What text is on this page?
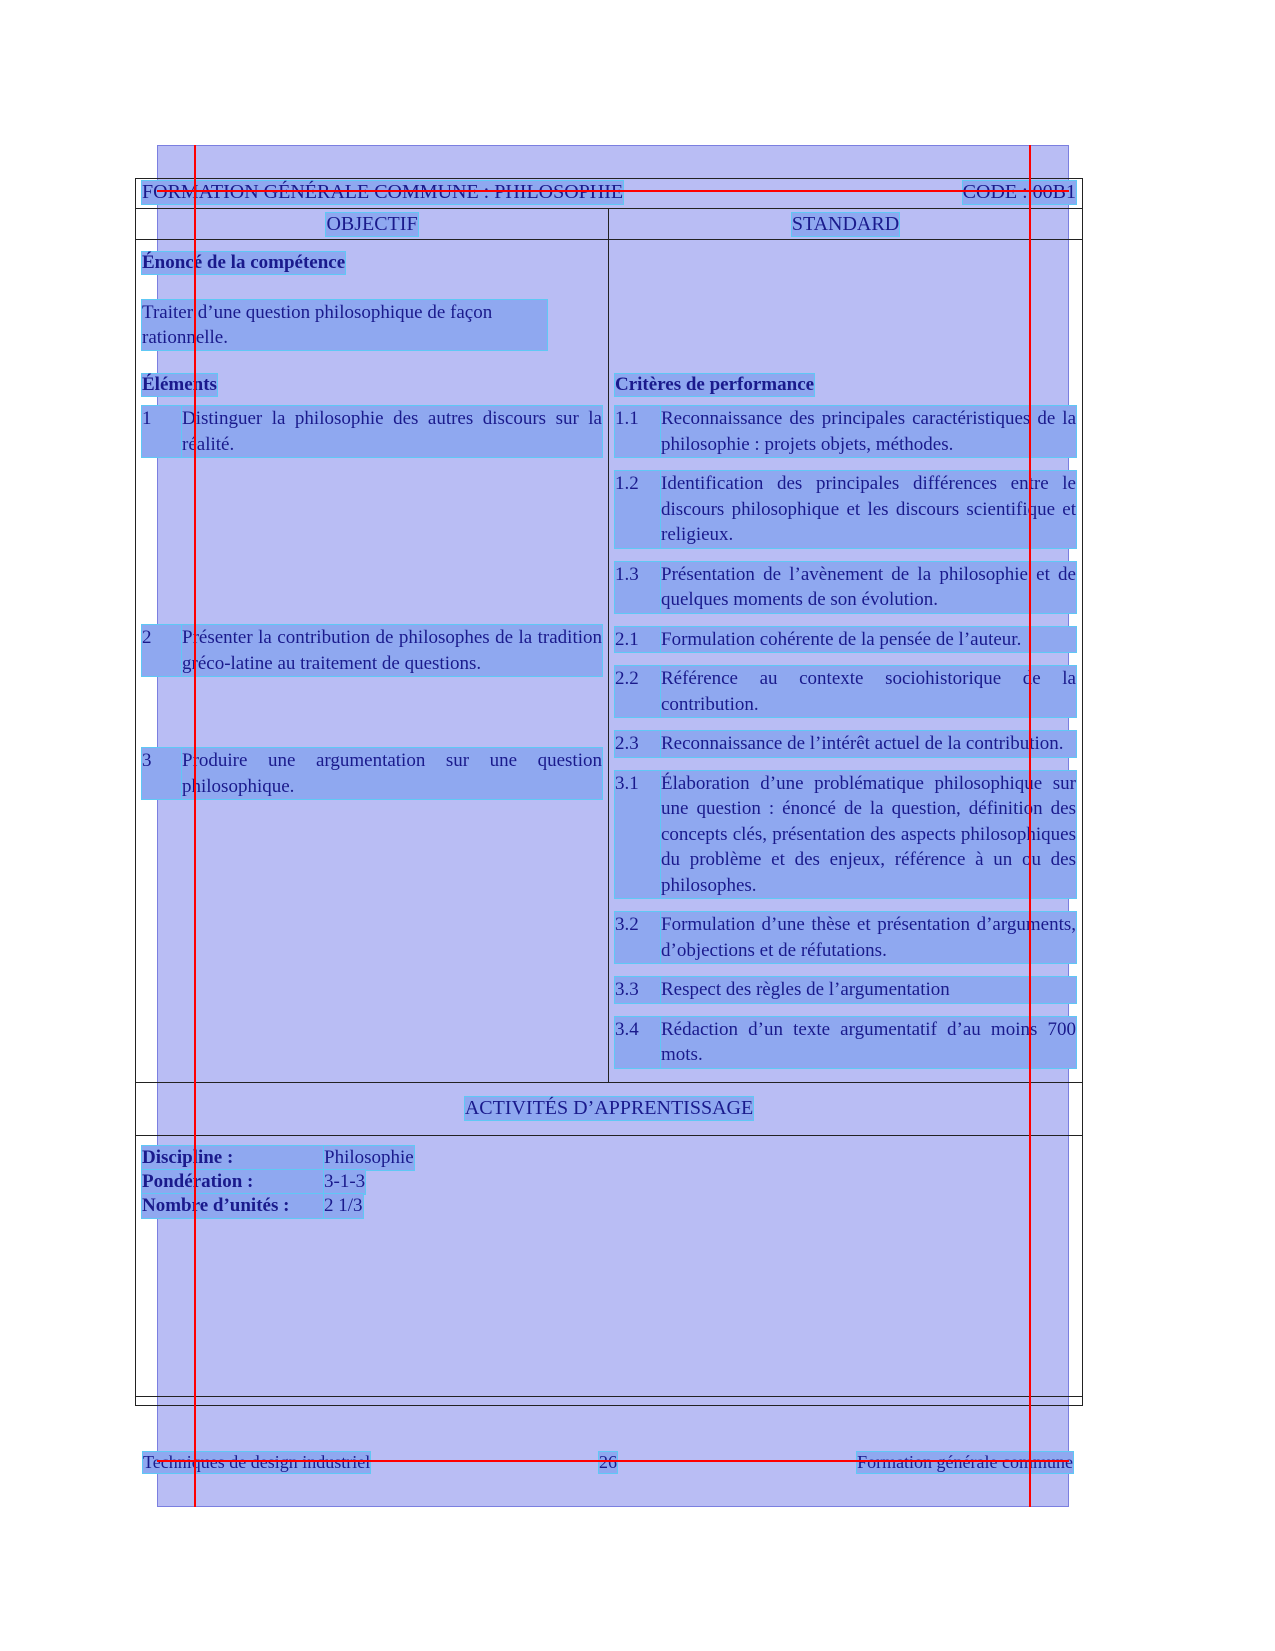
FORMATION GÉNÉRALE COMMUNE : PHILOSOPHIE	CODE : 00B1
OBJECTIF	STANDARD
Énoncé de la compétence
Traiter d’une question philosophique de façon rationnelle.
Éléments	Critères de performance
1	Distinguer la philosophie des autres discours sur la réalité.
2	Présenter la contribution de philosophes de la tradition gréco-latine au traitement de questions.
3	Produire une argumentation sur une question philosophique.
1.1	Reconnaissance des principales caractéristiques de la philosophie : projets objets, méthodes.
1.2	Identification des principales différences entre le discours philosophique et les discours scientifique et religieux.
1.3	Présentation de l’avènement de la philosophie et de quelques moments de son évolution.
2.1	Formulation cohérente de la pensée de l’auteur.
2.2	Référence au contexte sociohistorique de la contribution.
2.3	Reconnaissance de l’intérêt actuel de la contribution.
3.1	Élaboration d’une problématique philosophique sur une question : énoncé de la question, définition des concepts clés, présentation des aspects philosophiques du problème et des enjeux, référence à un ou des philosophes.
3.2	Formulation d’une thèse et présentation d’arguments, d’objections et de réfutations.
3.3	Respect des règles de l’argumentation
3.4	Rédaction d’un texte argumentatif d’au moins 700 mots.
ACTIVITÉS D’APPRENTISSAGE
Discipline :	Philosophie
Pondération :	3-1-3
Nombre d’unités :	2 1/3
Techniques de design industriel	26	Formation générale commune
